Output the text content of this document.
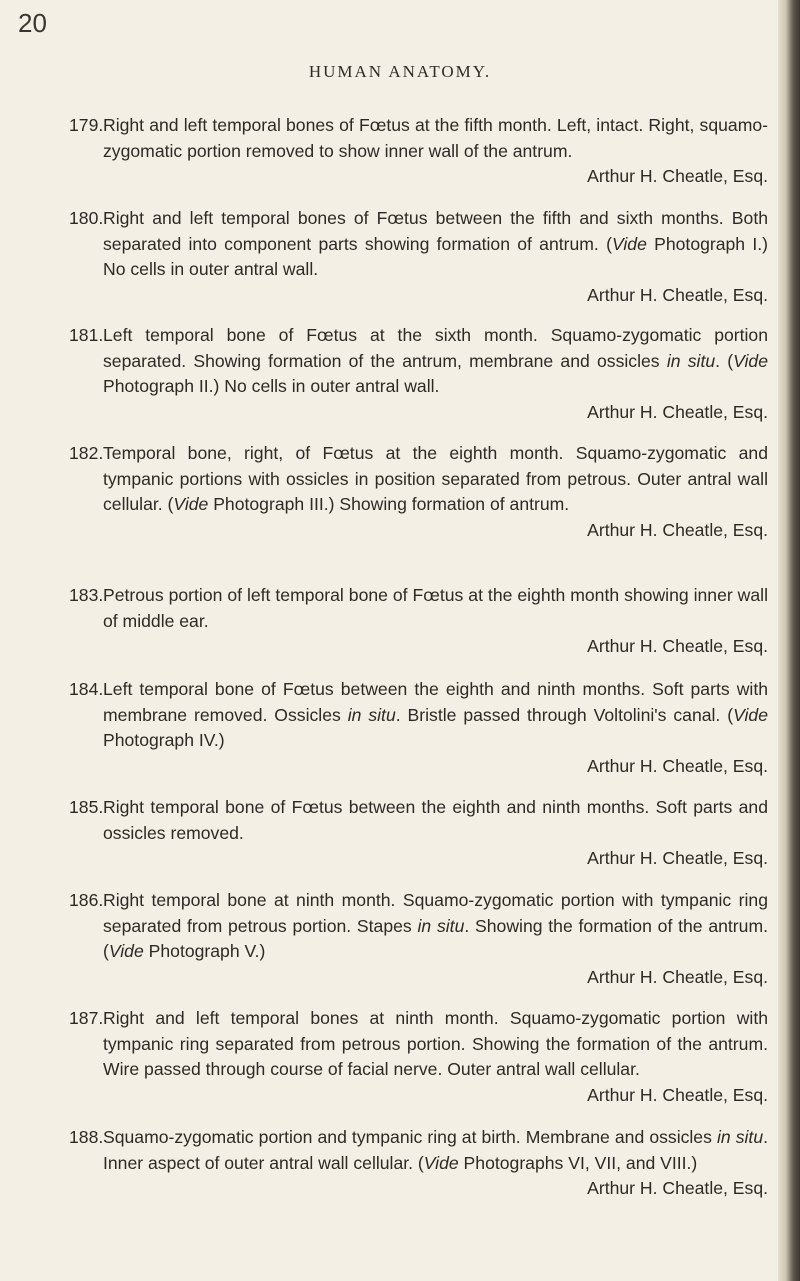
20
HUMAN ANATOMY.
179. Right and left temporal bones of Fœtus at the fifth month. Left, intact. Right, squamo-zygomatic portion removed to show inner wall of the antrum.
Arthur H. Cheatle, Esq.
180. Right and left temporal bones of Fœtus between the fifth and sixth months. Both separated into component parts showing formation of antrum. (Vide Photograph I.) No cells in outer antral wall.
Arthur H. Cheatle, Esq.
181. Left temporal bone of Fœtus at the sixth month. Squamo-zygomatic portion separated. Showing formation of the antrum, membrane and ossicles in situ. (Vide Photograph II.) No cells in outer antral wall.
Arthur H. Cheatle, Esq.
182. Temporal bone, right, of Fœtus at the eighth month. Squamo-zygomatic and tympanic portions with ossicles in position separated from petrous. Outer antral wall cellular. (Vide Photograph III.) Showing formation of antrum.
Arthur H. Cheatle, Esq.
183. Petrous portion of left temporal bone of Fœtus at the eighth month showing inner wall of middle ear.
Arthur H. Cheatle, Esq.
184. Left temporal bone of Fœtus between the eighth and ninth months. Soft parts with membrane removed. Ossicles in situ. Bristle passed through Voltolini's canal. (Vide Photograph IV.)
Arthur H. Cheatle, Esq.
185. Right temporal bone of Fœtus between the eighth and ninth months. Soft parts and ossicles removed.
Arthur H. Cheatle, Esq.
186. Right temporal bone at ninth month. Squamo-zygomatic portion with tympanic ring separated from petrous portion. Stapes in situ. Showing the formation of the antrum. (Vide Photograph V.)
Arthur H. Cheatle, Esq.
187. Right and left temporal bones at ninth month. Squamo-zygomatic portion with tympanic ring separated from petrous portion. Showing the formation of the antrum. Wire passed through course of facial nerve. Outer antral wall cellular.
Arthur H. Cheatle, Esq.
188. Squamo-zygomatic portion and tympanic ring at birth. Membrane and ossicles in situ. Inner aspect of outer antral wall cellular. (Vide Photographs VI, VII, and VIII.)
Arthur H. Cheatle, Esq.
